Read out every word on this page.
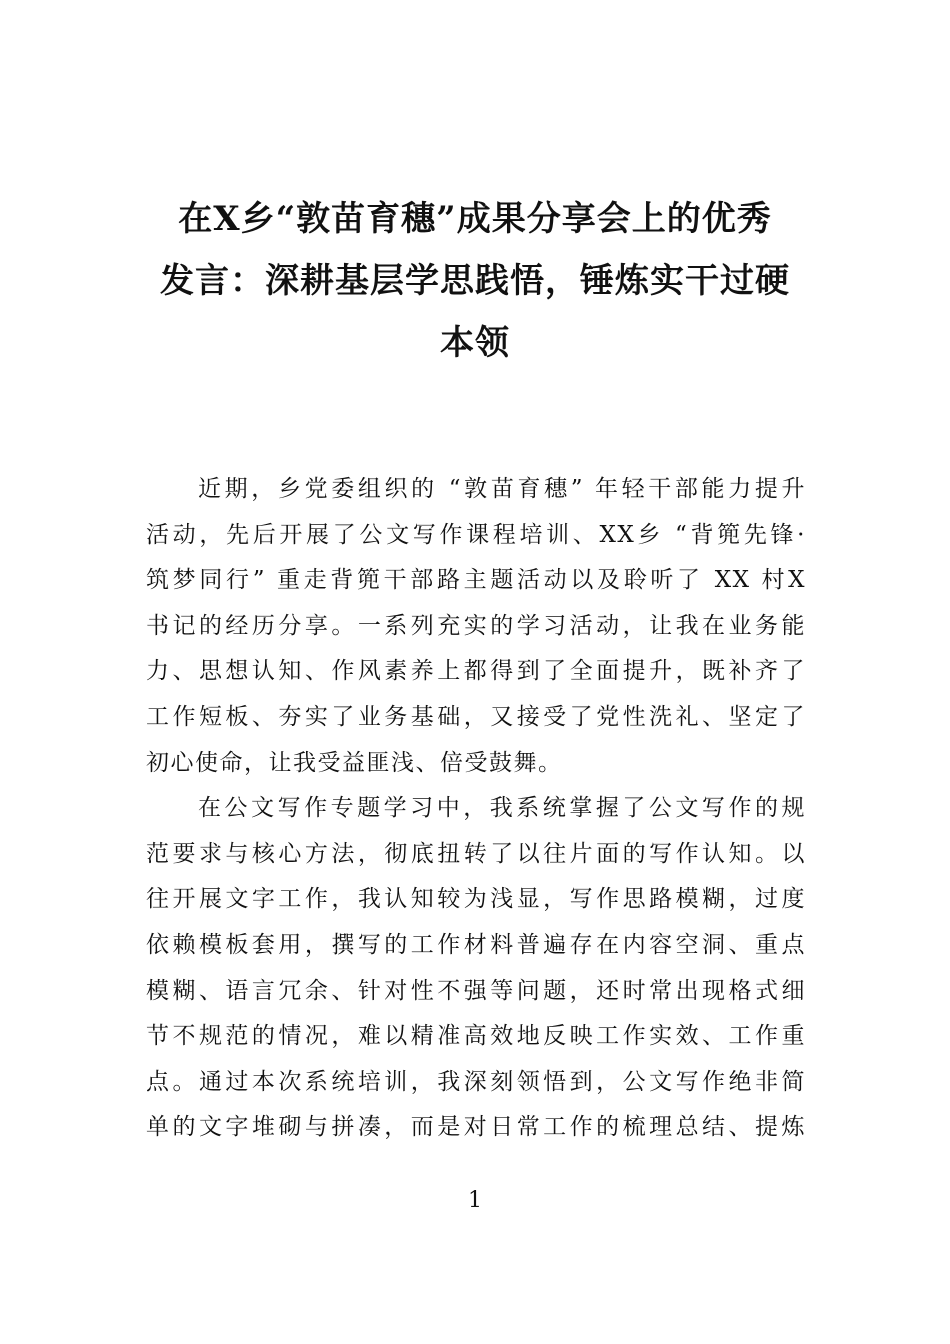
在X乡“敦苗育穗”成果分享会上的优秀
发言：深耕基层学思践悟，锤炼实干过硬
本领
近期，乡党委组织的 “敦苗育穗” 年轻干部能力提升
活动，先后开展了公文写作课程培训、XX乡 “背篼先锋·
筑梦同行” 重走背篼干部路主题活动以及聆听了 XX 村X
书记的经历分享。一系列充实的学习活动，让我在业务能
力、思想认知、作风素养上都得到了全面提升，既补齐了
工作短板、夯实了业务基础，又接受了党性洗礼、坚定了
初心使命，让我受益匪浅、倍受鼓舞。
在公文写作专题学习中，我系统掌握了公文写作的规
范要求与核心方法，彻底扭转了以往片面的写作认知。以
往开展文字工作，我认知较为浅显，写作思路模糊，过度
依赖模板套用，撰写的工作材料普遍存在内容空洞、重点
模糊、语言冗余、针对性不强等问题，还时常出现格式细
节不规范的情况，难以精准高效地反映工作实效、工作重
点。通过本次系统培训，我深刻领悟到，公文写作绝非简
单的文字堆砌与拼凑，而是对日常工作的梳理总结、提炼
1
